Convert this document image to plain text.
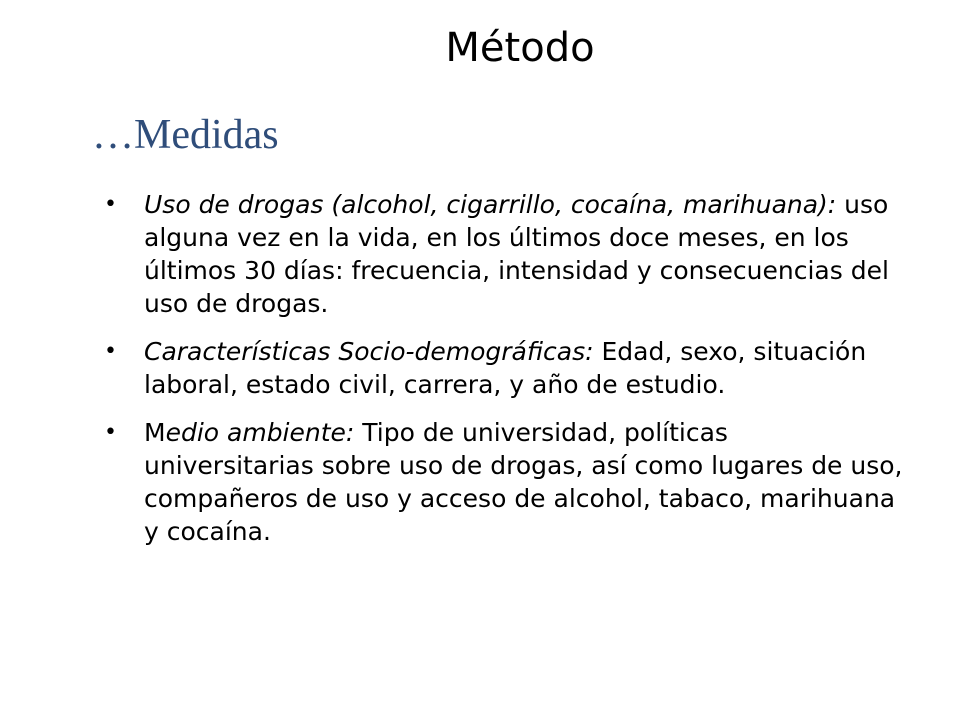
Método
…Medidas
• Uso de drogas (alcohol, cigarrillo, cocaína, marihuana): uso alguna vez en la vida, en los últimos doce meses, en los últimos 30 días: frecuencia, intensidad y consecuencias del uso de drogas.
• Características Socio-demográficas: Edad, sexo, situación laboral, estado civil, carrera, y año de estudio.
• Medio ambiente: Tipo de universidad, políticas universitarias sobre uso de drogas, así como lugares de uso, compañeros de uso y acceso de alcohol, tabaco, marihuana y cocaína.
